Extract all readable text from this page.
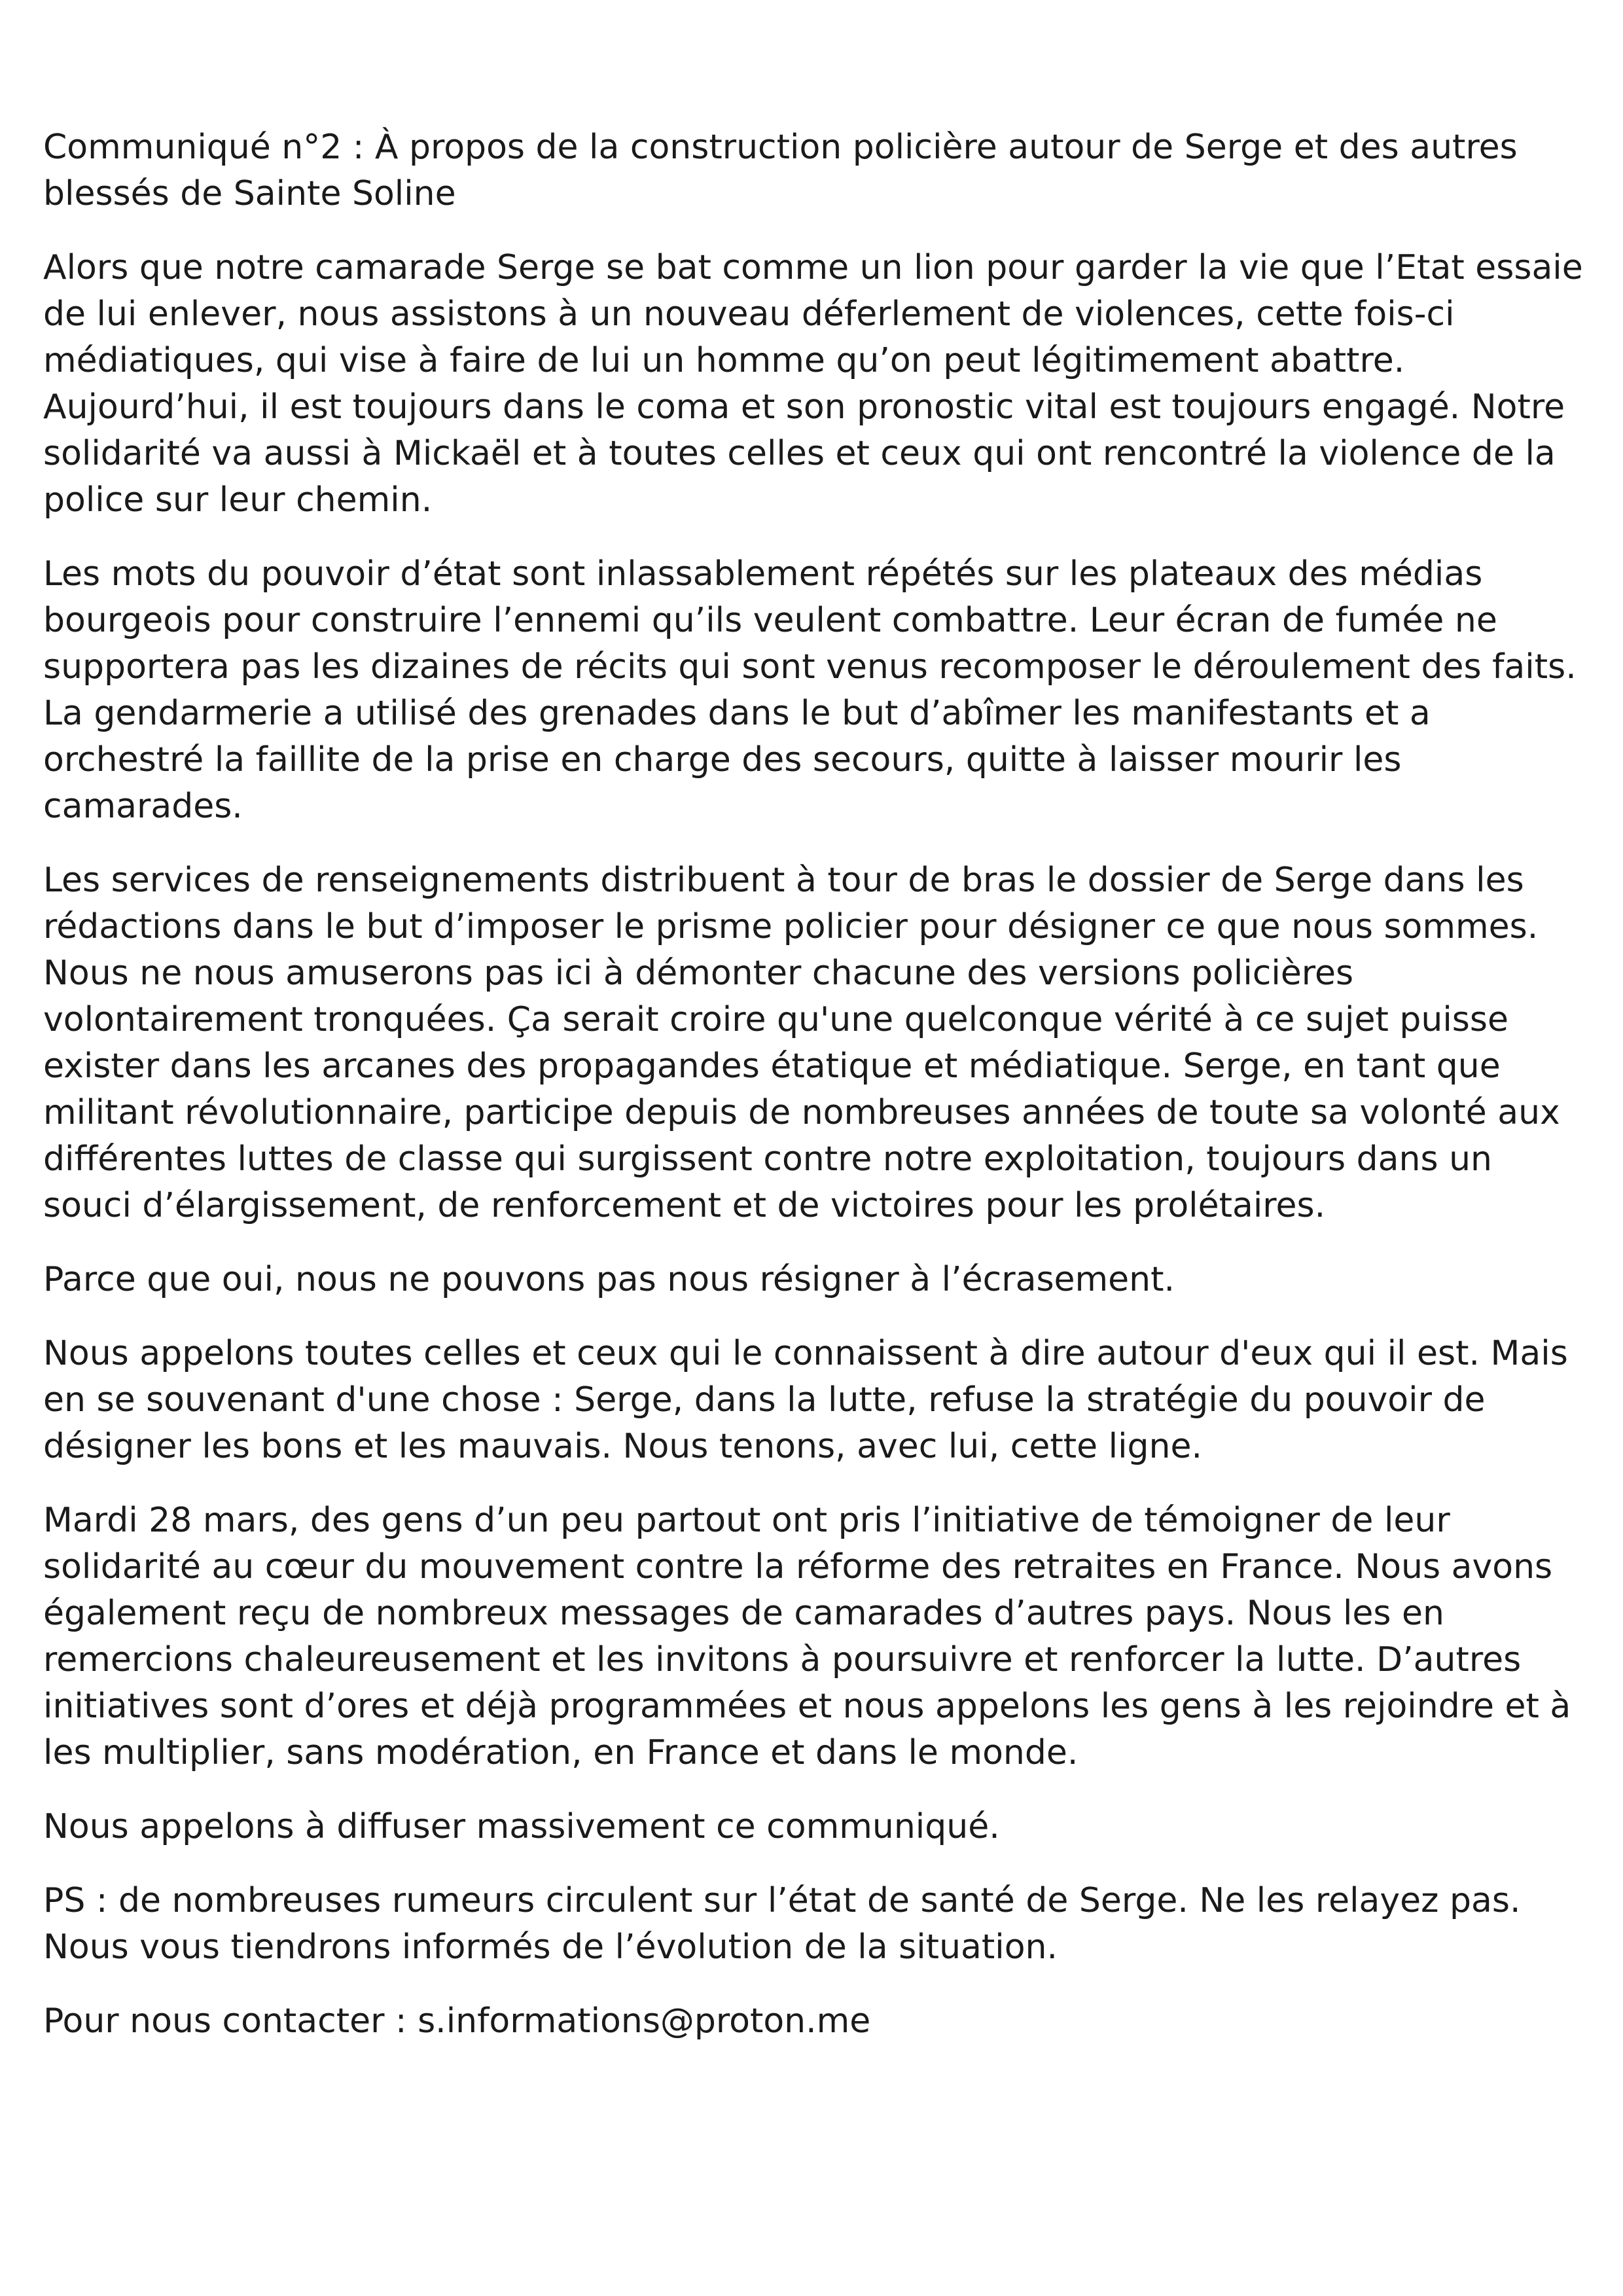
Communiqué n°2 : À propos de la construction policière autour de Serge et des autres blessés de Sainte Soline

Alors que notre camarade Serge se bat comme un lion pour garder la vie que l’Etat essaie de lui enlever, nous assistons à un nouveau déferlement de violences, cette fois-ci médiatiques, qui vise à faire de lui un homme qu’on peut légitimement abattre. Aujourd’hui, il est toujours dans le coma et son pronostic vital est toujours engagé. Notre solidarité va aussi à Mickaël et à toutes celles et ceux qui ont rencontré la violence de la police sur leur chemin.

Les mots du pouvoir d’état sont inlassablement répétés sur les plateaux des médias bourgeois pour construire l’ennemi qu’ils veulent combattre. Leur écran de fumée ne supportera pas les dizaines de récits qui sont venus recomposer le déroulement des faits. La gendarmerie a utilisé des grenades dans le but d’abîmer les manifestants et a orchestré la faillite de la prise en charge des secours, quitte à laisser mourir les camarades.

Les services de renseignements distribuent à tour de bras le dossier de Serge dans les rédactions dans le but d’imposer le prisme policier pour désigner ce que nous sommes. Nous ne nous amuserons pas ici à démonter chacune des versions policières volontairement tronquées. Ça serait croire qu'une quelconque vérité à ce sujet puisse exister dans les arcanes des propagandes étatique et médiatique. Serge, en tant que militant révolutionnaire, participe depuis de nombreuses années de toute sa volonté aux différentes luttes de classe qui surgissent contre notre exploitation, toujours dans un souci d’élargissement, de renforcement et de victoires pour les prolétaires.

Parce que oui, nous ne pouvons pas nous résigner à l’écrasement.

Nous appelons toutes celles et ceux qui le connaissent à dire autour d'eux qui il est. Mais en se souvenant d'une chose : Serge, dans la lutte, refuse la stratégie du pouvoir de désigner les bons et les mauvais. Nous tenons, avec lui, cette ligne.

Mardi 28 mars, des gens d’un peu partout ont pris l’initiative de témoigner de leur solidarité au cœur du mouvement contre la réforme des retraites en France. Nous avons également reçu de nombreux messages de camarades d’autres pays. Nous les en remercions chaleureusement et les invitons à poursuivre et renforcer la lutte. D’autres initiatives sont d’ores et déjà programmées et nous appelons les gens à les rejoindre et à les multiplier, sans modération, en France et dans le monde.

Nous appelons à diffuser massivement ce communiqué.

PS : de nombreuses rumeurs circulent sur l’état de santé de Serge. Ne les relayez pas. Nous vous tiendrons informés de l’évolution de la situation.

Pour nous contacter : s.informations@proton.me
